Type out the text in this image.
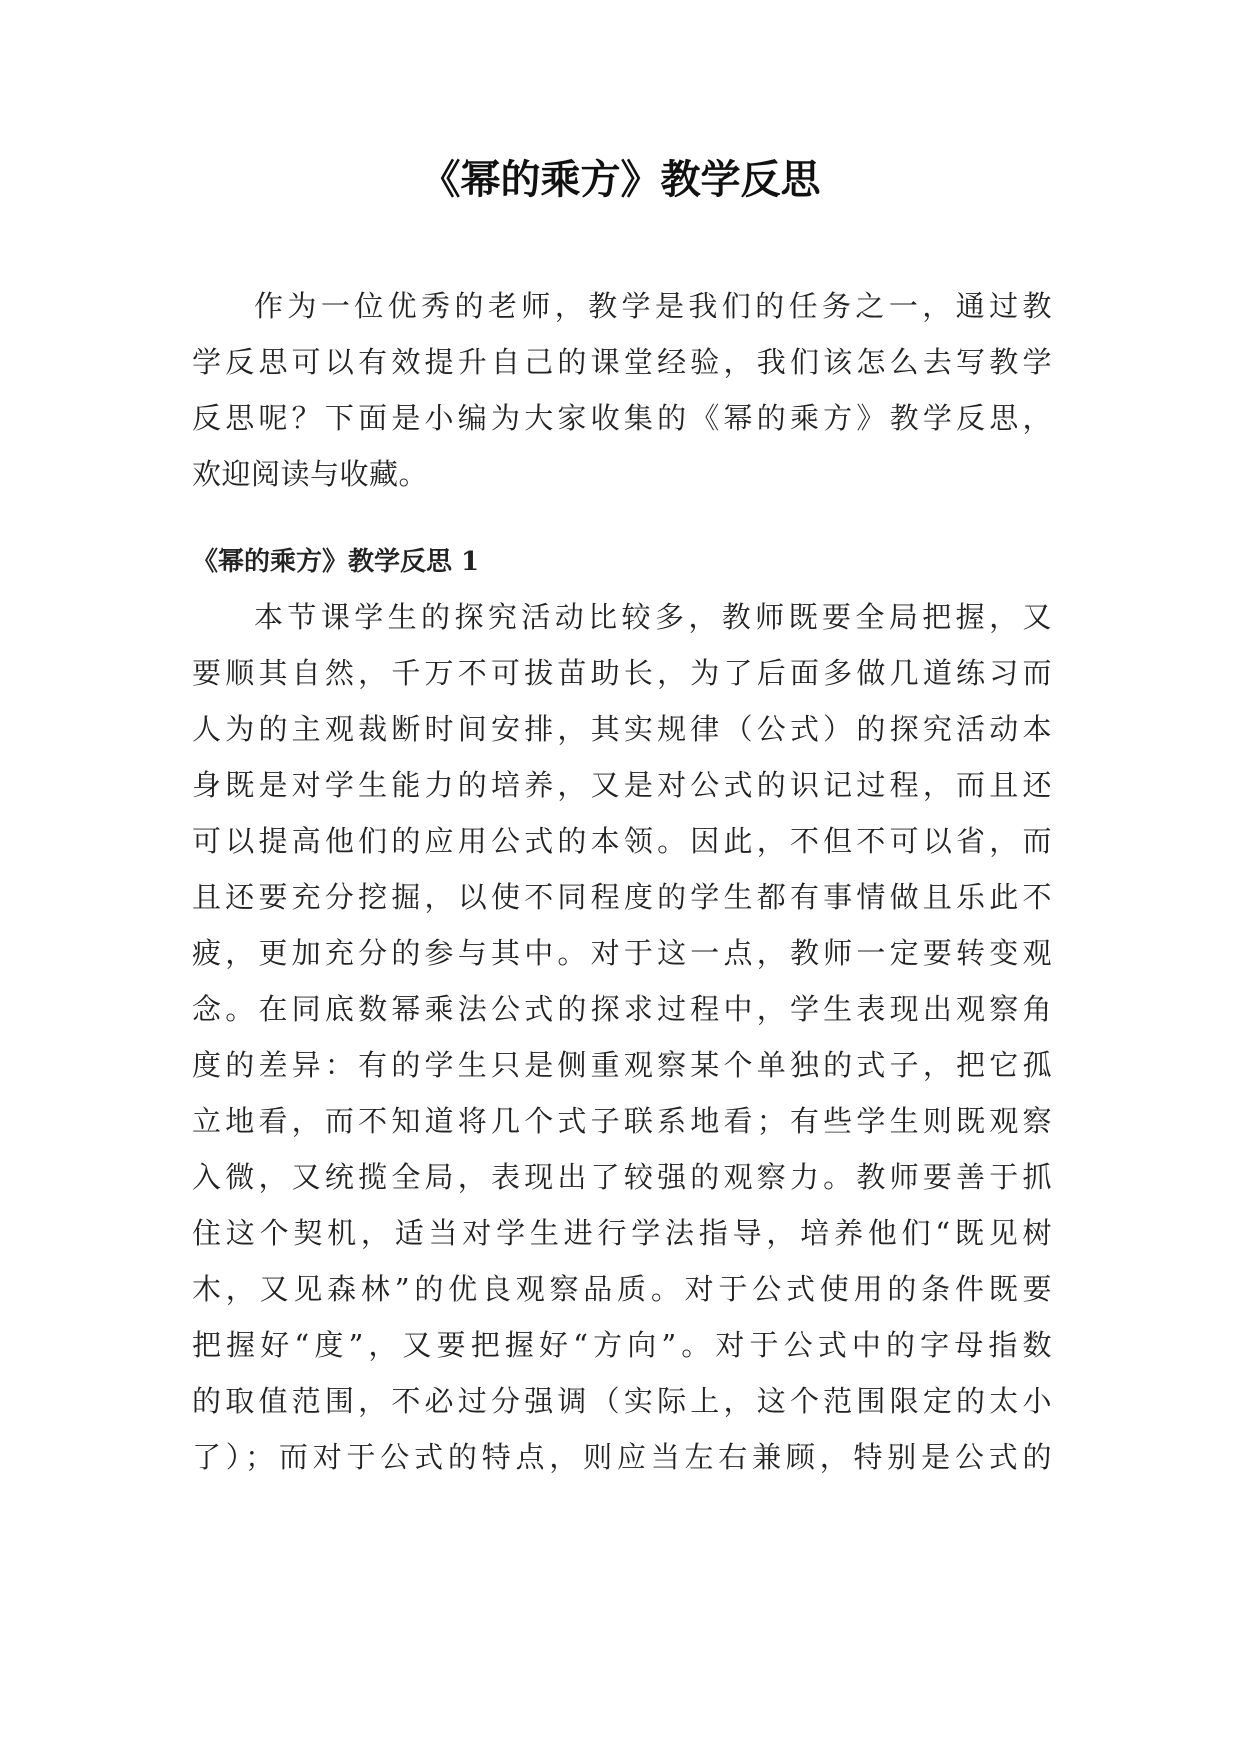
《幂的乘方》教学反思

作为一位优秀的老师，教学是我们的任务之一，通过教

学反思可以有效提升自己的课堂经验，我们该怎么去写教学

反思呢？下面是小编为大家收集的《幂的乘方》教学反思，

欢迎阅读与收藏。

《幂的乘方》教学反思 1

本节课学生的探究活动比较多，教师既要全局把握，又

要顺其自然，千万不可拔苗助长，为了后面多做几道练习而

人为的主观裁断时间安排，其实规律（公式）的探究活动本

身既是对学生能力的培养，又是对公式的识记过程，而且还

可以提高他们的应用公式的本领。因此，不但不可以省，而

且还要充分挖掘，以使不同程度的学生都有事情做且乐此不

疲，更加充分的参与其中。对于这一点，教师一定要转变观

念。在同底数幂乘法公式的探求过程中，学生表现出观察角

度的差异：有的学生只是侧重观察某个单独的式子，把它孤

立地看，而不知道将几个式子联系地看；有些学生则既观察

入微，又统揽全局，表现出了较强的观察力。教师要善于抓

住这个契机，适当对学生进行学法指导，培养他们“既见树

木，又见森林”的优良观察品质。对于公式使用的条件既要

把握好“度”，又要把握好“方向”。对于公式中的字母指数

的取值范围，不必过分强调（实际上，这个范围限定的太小

了）；而对于公式的特点，则应当左右兼顾，特别是公式的
